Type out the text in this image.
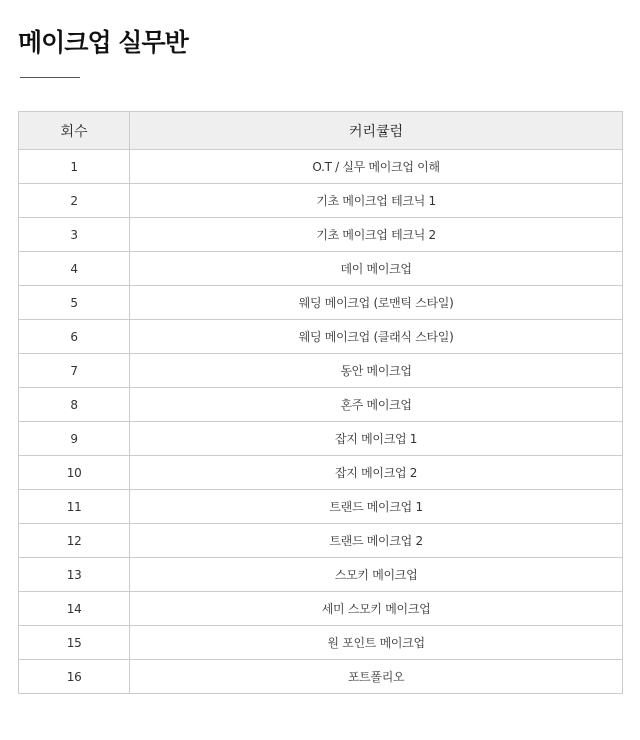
메이크업 실무반
회수	커리큘럼
1	O.T / 실무 메이크업 이해
2	기초 메이크업 테크닉 1
3	기초 메이크업 테크닉 2
4	데이 메이크업
5	웨딩 메이크업 (로맨틱 스타일)
6	웨딩 메이크업 (클래식 스타일)
7	동안 메이크업
8	혼주 메이크업
9	잡지 메이크업 1
10	잡지 메이크업 2
11	트랜드 메이크업 1
12	트랜드 메이크업 2
13	스모키 메이크업
14	세미 스모키 메이크업
15	원 포인트 메이크업
16	포트폴리오
